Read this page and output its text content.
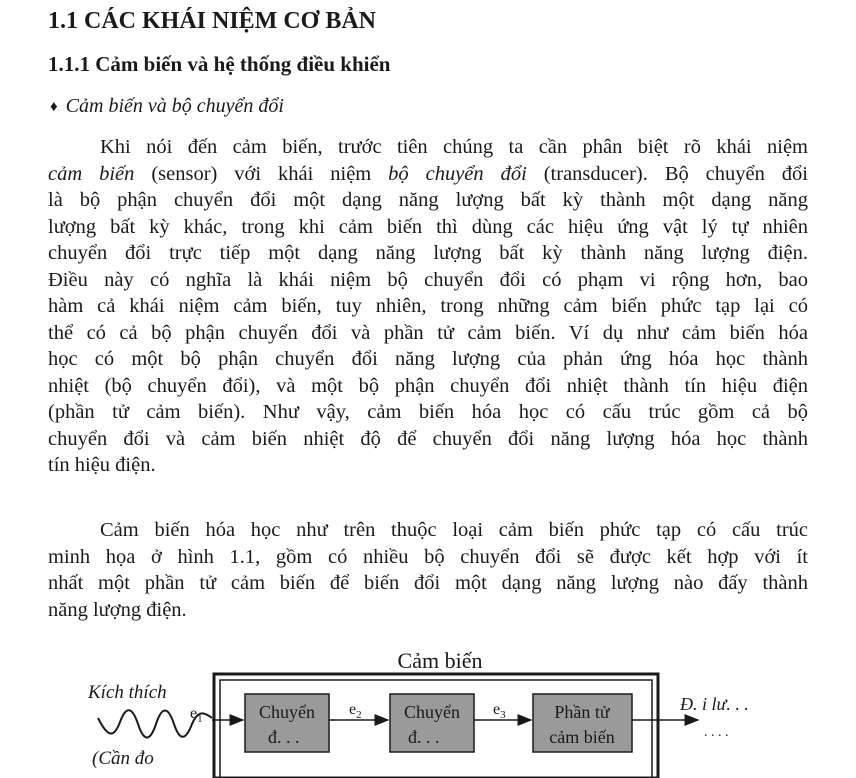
1.1 CÁC KHÁI NIỆM CƠ BẢN
1.1.1 Cảm biến và hệ thống điều khiển
♦ Cảm biến và bộ chuyển đổi
Khi nói đến cảm biến, trước tiên chúng ta cần phân biệt rõ khái niệm
cảm biến (sensor) với khái niệm bộ chuyển đổi (transducer). Bộ chuyển đổi
là bộ phận chuyển đổi một dạng năng lượng bất kỳ thành một dạng năng
lượng bất kỳ khác, trong khi cảm biến thì dùng các hiệu ứng vật lý tự nhiên
chuyển đổi trực tiếp một dạng năng lượng bất kỳ thành năng lượng điện.
Điều này có nghĩa là khái niệm bộ chuyển đổi có phạm vi rộng hơn, bao
hàm cả khái niệm cảm biến, tuy nhiên, trong những cảm biến phức tạp lại có
thể có cả bộ phận chuyển đổi và phần tử cảm biến. Ví dụ như cảm biến hóa
học có một bộ phận chuyển đổi năng lượng của phản ứng hóa học thành
nhiệt (bộ chuyển đổi), và một bộ phận chuyển đổi nhiệt thành tín hiệu điện
(phần tử cảm biến). Như vậy, cảm biến hóa học có cấu trúc gồm cả bộ
chuyển đổi và cảm biến nhiệt độ để chuyển đổi năng lượng hóa học thành
tín hiệu điện.
Cảm biến hóa học như trên thuộc loại cảm biến phức tạp có cấu trúc
minh họa ở hình 1.1, gồm có nhiều bộ chuyển đổi sẽ được kết hợp với ít
nhất một phần tử cảm biến để biến đổi một dạng năng lượng nào đấy thành
năng lượng điện.
Cảm biến
Kích thích
(Cần đo
$e_1$	Chuyển
đ. . .
$e_2$ Chuyển
đ. . .
$e_3$	Phần tử
cảm biến
Đ. i lư. . .
. . . .
